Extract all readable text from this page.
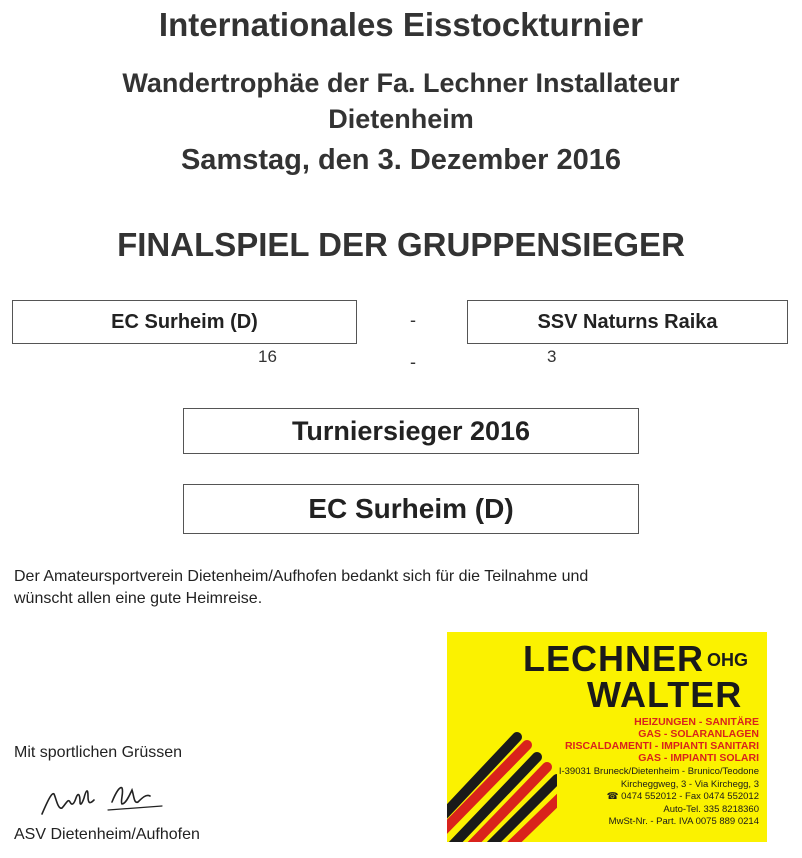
Internationales Eisstockturnier
Wandertrophäe der Fa. Lechner Installateur
Dietenheim
Samstag, den 3. Dezember 2016
FINALSPIEL DER GRUPPENSIEGER
EC Surheim (D)	-	SSV Naturns Raika
16	-	3
Turniersieger 2016
EC Surheim (D)
Der Amateursportverein Dietenheim/Aufhofen bedankt sich für die Teilnahme und
wünscht allen eine gute Heimreise.
Mit sportlichen Grüssen
ASV Dietenheim/Aufhofen
LECHNER OHG
WALTER
HEIZUNGEN - SANITÄRE
GAS - SOLARANLAGEN
RISCALDAMENTI - IMPIANTI SANITARI
GAS - IMPIANTI SOLARI
I-39031 Bruneck/Dietenheim - Brunico/Teodone
Kircheggweg, 3 - Via Kirchegg, 3
☎ 0474 552012 - Fax 0474 552012
Auto-Tel. 335 8218360
MwSt-Nr. - Part. IVA 0075 889 0214
